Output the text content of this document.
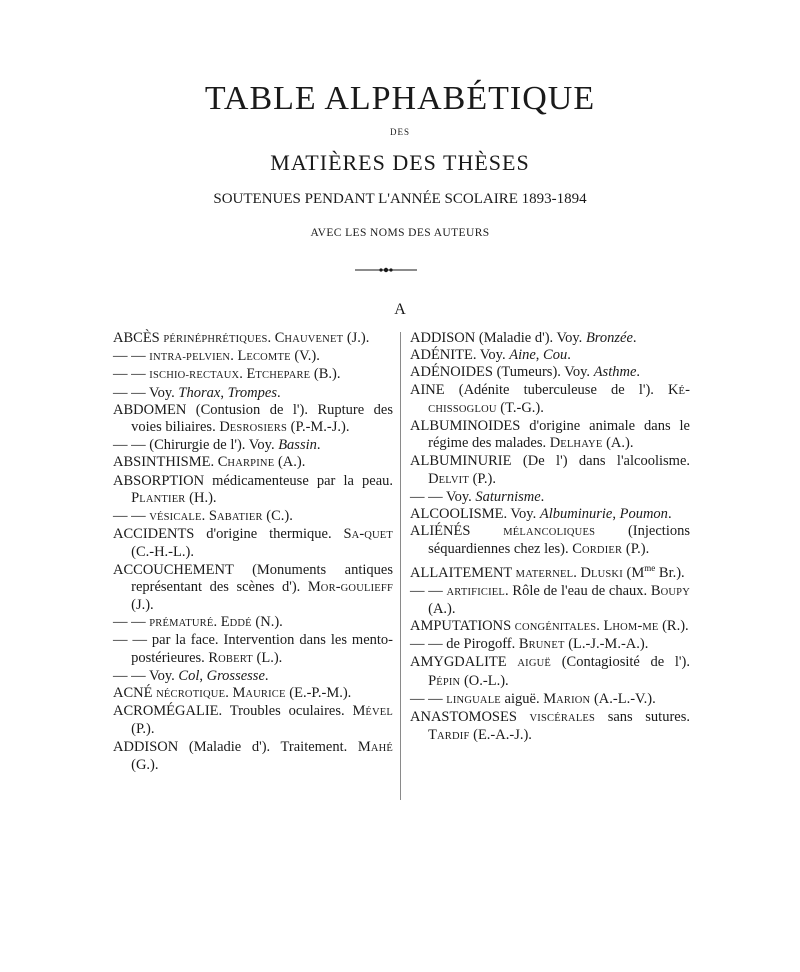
TABLE ALPHABÉTIQUE
DES
MATIÈRES DES THÈSES
SOUTENUES PENDANT L'ANNÉE SCOLAIRE 1893-1894
AVEC LES NOMS DES AUTEURS
A
ABCÈS PÉRINÉPHRÉTIQUES. CHAUVENET (J.).
— — INTRA-PELVIEN. LECOMTE (V.).
— — ISCHIO-RECTAUX. ETCHEPARE (B.).
— — Voy. Thorax, Trompes.
ABDOMEN (Contusion de l'). Rupture des voies biliaires. DESROSIERS (P.-M.-J.).
— — (Chirurgie de l'). Voy. Bassin.
ABSINTHISME. CHARPINE (A.).
ABSORPTION médicamenteuse par la peau. PLANTIER (H.).
— — VÉSICALE. SABATIER (C.).
ACCIDENTS d'origine thermique. SA-QUET (C.-H.-L.).
ACCOUCHEMENT (Monuments antiques représentant des scènes d'). MOR-GOULIEFF (J.).
— — PRÉMATURÉ. EDDÉ (N.).
— — par la face. Intervention dans les mento-postérieures. ROBERT (L.).
— — Voy. Col, Grossesse.
ACNÉ NÉCROTIQUE. MAURICE (E.-P.-M.).
ACROMÉGALIE. Troubles oculaires. MÉVEL (P.).
ADDISON (Maladie d'). Traitement. MAHÉ (G.).
ADDISON (Maladie d'). Voy. Bronzée.
ADÉNITE. Voy. Aine, Cou.
ADÉNOIDES (Tumeurs). Voy. Asthme.
AINE (Adénite tuberculeuse de l'). KÉ-CHISSOGLOU (T.-G.).
ALBUMINOIDES d'origine animale dans le régime des malades. DELHAYE (A.).
ALBUMINURIE (De l') dans l'alcoolisme. DELVIT (P.).
— — Voy. Saturnisme.
ALCOOLISME. Voy. Albuminurie, Poumon.
ALIÉNÉS MÉLANCOLIQUES (Injections séquardiennes chez les). CORDIER (P.).
ALLAITEMENT MATERNEL. DLUSKI ($M^{me}$ Br.).
— — ARTIFICIEL. Rôle de l'eau de chaux. BOUPY (A.).
AMPUTATIONS CONGÉNITALES. LHOM-ME (R.).
— — de Pirogoff. BRUNET (L.-J.-M.-A.).
AMYGDALITE AIGUË (Contagiosité de l'). PÉPIN (O.-L.).
— — LINGUALE aiguë. MARION (A.-L.-V.).
ANASTOMOSES VISCÉRALES sans sutures. TARDIF (E.-A.-J.).
